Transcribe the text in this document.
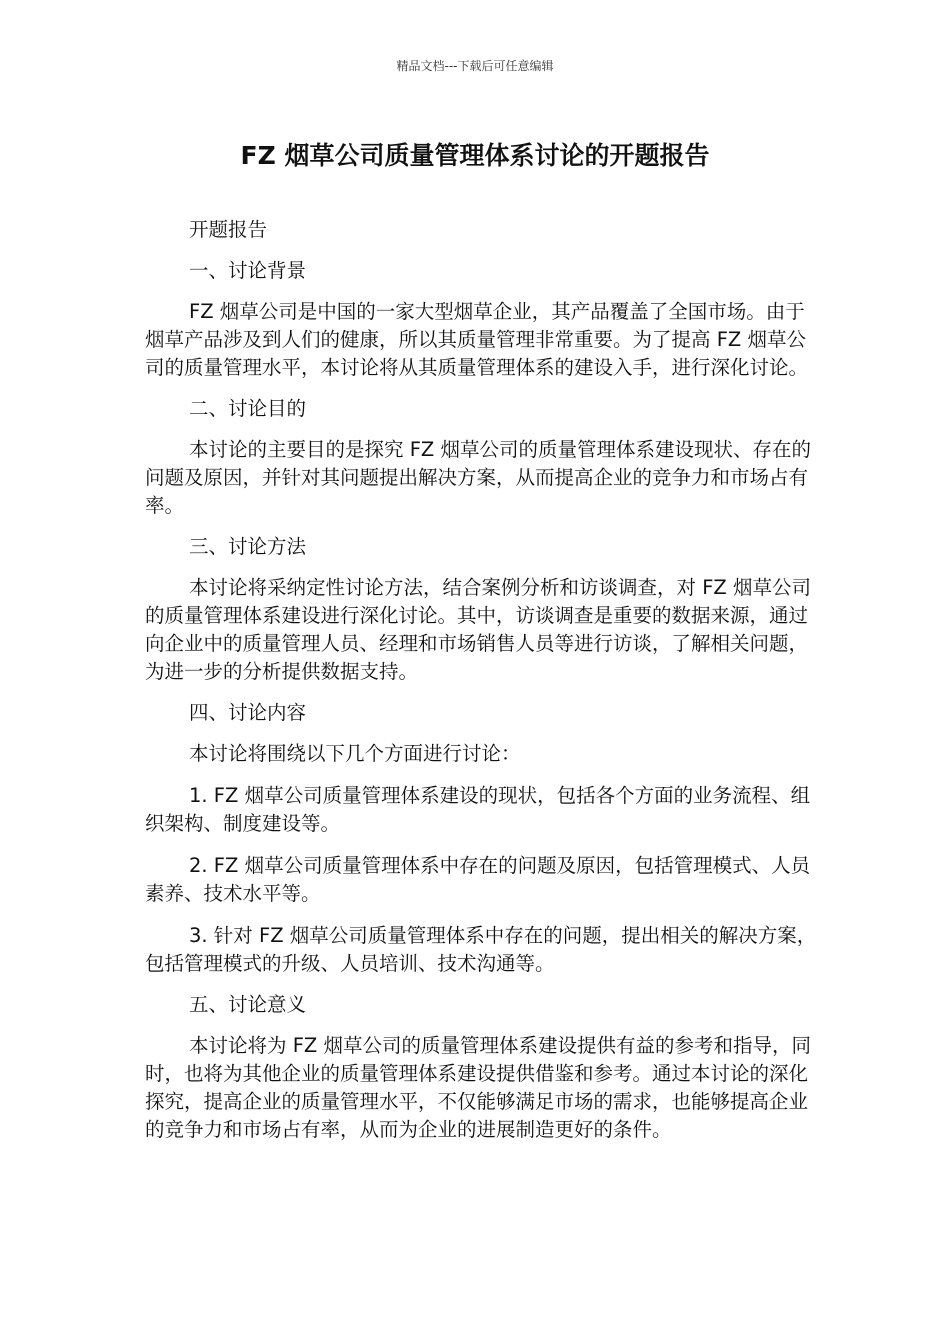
精品文档---下载后可任意编辑
FZ 烟草公司质量管理体系讨论的开题报告

开题报告

一、讨论背景

FZ 烟草公司是中国的一家大型烟草企业，其产品覆盖了全国市场。由于烟草产品涉及到人们的健康，所以其质量管理非常重要。为了提高 FZ 烟草公司的质量管理水平，本讨论将从其质量管理体系的建设入手，进行深化讨论。

二、讨论目的

本讨论的主要目的是探究 FZ 烟草公司的质量管理体系建设现状、存在的问题及原因，并针对其问题提出解决方案，从而提高企业的竞争力和市场占有率。

三、讨论方法

本讨论将采纳定性讨论方法，结合案例分析和访谈调查，对 FZ 烟草公司的质量管理体系建设进行深化讨论。其中，访谈调查是重要的数据来源，通过向企业中的质量管理人员、经理和市场销售人员等进行访谈，了解相关问题，为进一步的分析提供数据支持。

四、讨论内容

本讨论将围绕以下几个方面进行讨论：

1. FZ 烟草公司质量管理体系建设的现状，包括各个方面的业务流程、组织架构、制度建设等。

2. FZ 烟草公司质量管理体系中存在的问题及原因，包括管理模式、人员素养、技术水平等。

3. 针对 FZ 烟草公司质量管理体系中存在的问题，提出相关的解决方案，包括管理模式的升级、人员培训、技术沟通等。

五、讨论意义

本讨论将为 FZ 烟草公司的质量管理体系建设提供有益的参考和指导，同时，也将为其他企业的质量管理体系建设提供借鉴和参考。通过本讨论的深化探究，提高企业的质量管理水平，不仅能够满足市场的需求，也能够提高企业的竞争力和市场占有率，从而为企业的进展制造更好的条件。
